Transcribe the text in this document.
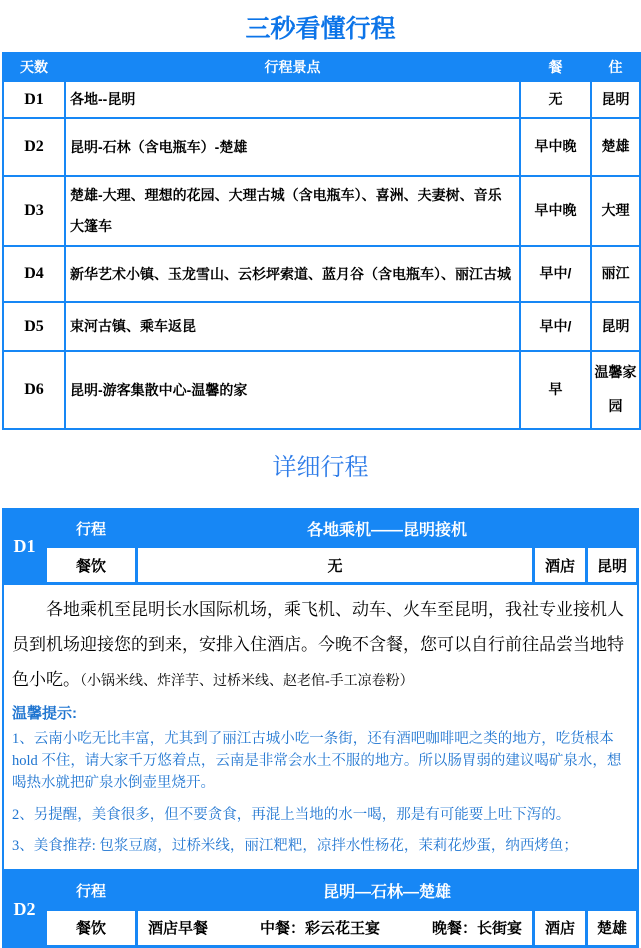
三秒看懂行程
天数	行程景点	餐	住
D1	各地--昆明	无	昆明
D2	昆明-石林（含电瓶车）-楚雄	早中晚	楚雄
D3	楚雄-大理、理想的花园、大理古城（含电瓶车）、喜洲、夫妻树、音乐大篷车	早中晚	大理
D4	新华艺术小镇、玉龙雪山、云杉坪索道、蓝月谷（含电瓶车）、丽江古城	早中/	丽江
D5	束河古镇、乘车返昆	早中/	昆明
D6	昆明-游客集散中心-温馨的家	早	温馨家园
详细行程
D1
行程	各地乘机——昆明接机
餐饮	无	酒店	昆明

各地乘机至昆明长水国际机场，乘飞机、动车、火车至昆明，我社专业接机人员到机场迎接您的到来，安排入住酒店。今晚不含餐，您可以自行前往品尝当地特色小吃。（小锅米线、炸洋芋、过桥米线、赵老倌-手工凉卷粉）

温馨提示:

1、云南小吃无比丰富，尤其到了丽江古城小吃一条街，还有酒吧咖啡吧之类的地方，吃货根本 hold 不住，请大家千万悠着点，云南是非常会水土不服的地方。所以肠胃弱的建议喝矿泉水，想喝热水就把矿泉水倒壶里烧开。

2、另提醒，美食很多，但不要贪食，再混上当地的水一喝，那是有可能要上吐下泻的。

3、美食推荐: 包浆豆腐，过桥米线，丽江粑粑，凉拌水性杨花，茉莉花炒蛋，纳西烤鱼；

D2
行程	昆明—石林—楚雄
餐饮	酒店早餐	中餐：彩云花王宴	晚餐：长街宴	酒店	楚雄
